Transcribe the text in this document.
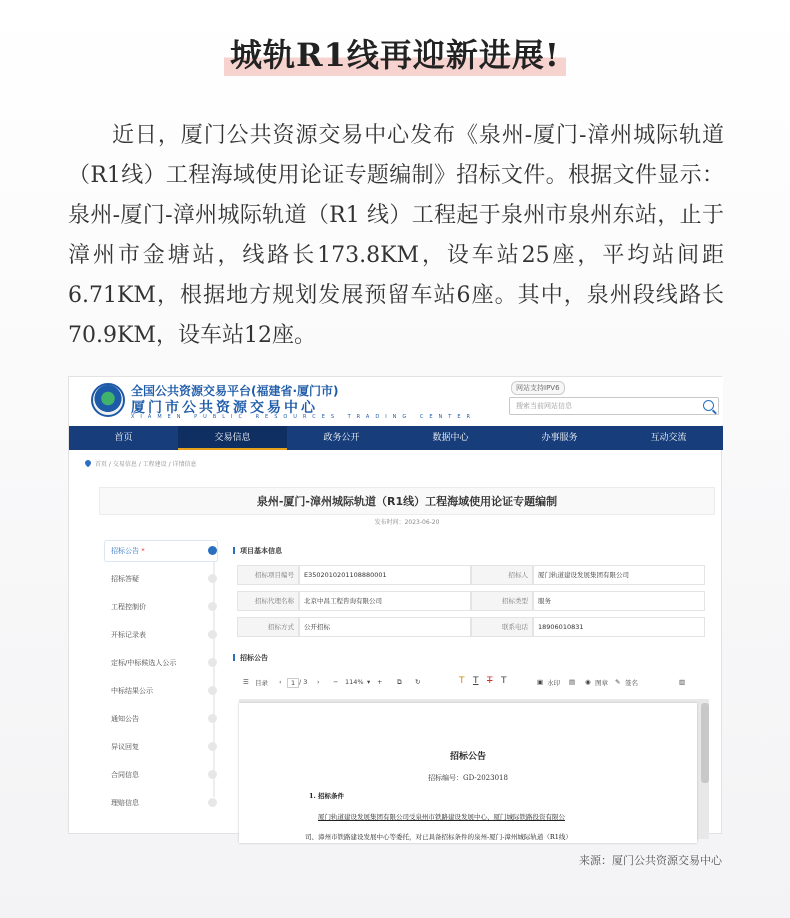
城轨R1线再迎新进展!

近日，厦门公共资源交易中心发布《泉州-厦门-漳州城际轨道（R1线）工程海域使用论证专题编制》招标文件。根据文件显示：泉州-厦门-漳州城际轨道（R1 线）工程起于泉州市泉州东站，止于漳州市金塘站，线路长173.8KM，设车站25座，平均站间距6.71KM，根据地方规划发展预留车站6座。其中，泉州段线路长70.9KM，设车站12座。

全国公共资源交易平台(福建省·厦门市)
厦门市公共资源交易中心
XIAMEN PUBLIC RESOURCES TRADING CENTER
网站支持IPV6
搜索当前网站信息
首页	交易信息	政务公开	数据中心	办事服务	互动交流
首页 / 交易信息 / 工程建设 / 详情信息
泉州-厦门-漳州城际轨道（R1线）工程海域使用论证专题编制
发布时间：2023-06-20
招标公告 *
招标答疑
工程控制价
开标记录表
定标/中标候选人公示
中标结果公示
通知公告
异议回复
合同信息
理赔信息
项目基本信息
招标项目编号	E3502010201108880001	招标人	厦门轨道建设发展集团有限公司
招标代理名称	北京中昌工程咨询有限公司	招标类型	服务
招标方式	公开招标	联系电话	18906010831
招标公告
☰ 目录 ‹	1 / 3 › − 114% ▾ + ⧉ ↻	T T T T	▣ 水印 ▤ ◉ 图章 ✎ 签名	▥
招标公告
招标编号：GD-2023018
1. 招标条件
厦门轨道建设发展集团有限公司受泉州市铁路建设发展中心、厦门城际铁路投资有限公
司、漳州市铁路建设发展中心等委托，对已具备招标条件的泉州-厦门-漳州城际轨道（R1线）
来源：厦门公共资源交易中心
